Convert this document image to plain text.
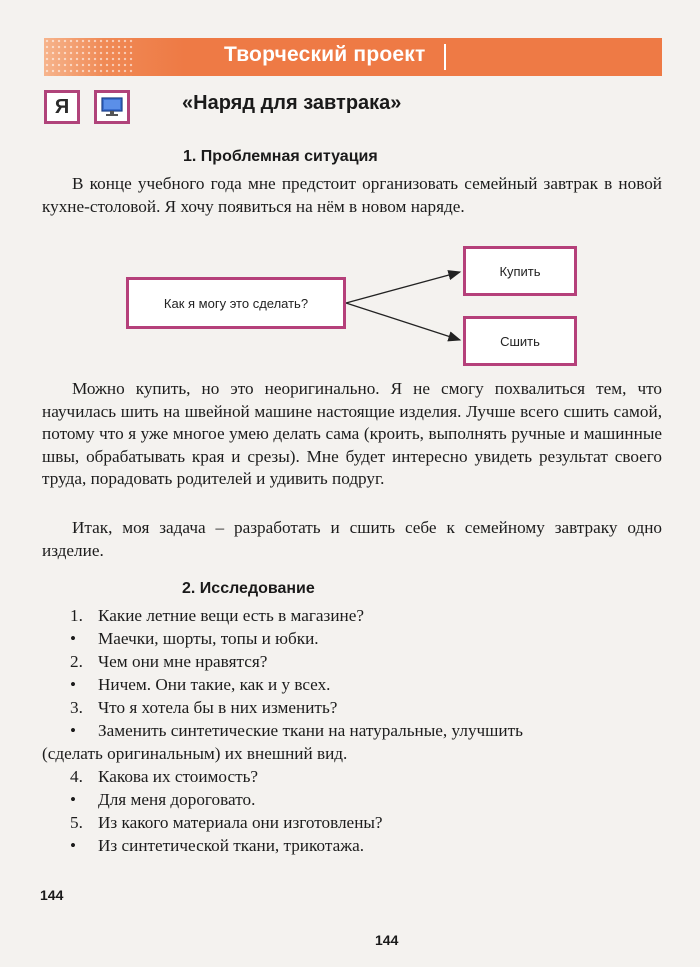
Творческий проект
Я	«Наряд для завтрака»
1. Проблемная ситуация
В конце учебного года мне предстоит организовать семейный завтрак в новой кухне-столовой. Я хочу появиться на нём в новом наряде.
Как я могу это сделать?
Купить
Сшить
Можно купить, но это неоригинально. Я не смогу похвалиться тем, что научилась шить на швейной машине настоящие изделия. Лучше всего сшить самой, потому что я уже многое умею делать сама (кроить, выполнять ручные и машинные швы, обрабатывать края и срезы). Мне будет интересно увидеть результат своего труда, порадовать родителей и удивить подруг.
Итак, моя задача – разработать и сшить себе к семейному завтраку одно изделие.
2. Исследование
1. Какие летние вещи есть в магазине?
• Маечки, шорты, топы и юбки.
2. Чем они мне нравятся?
• Ничем. Они такие, как и у всех.
3. Что я хотела бы в них изменить?
• Заменить синтетические ткани на натуральные, улучшить
(сделать оригинальным) их внешний вид.
4. Какова их стоимость?
• Для меня дороговато.
5. Из какого материала они изготовлены?
• Из синтетической ткани, трикотажа.
144
144
